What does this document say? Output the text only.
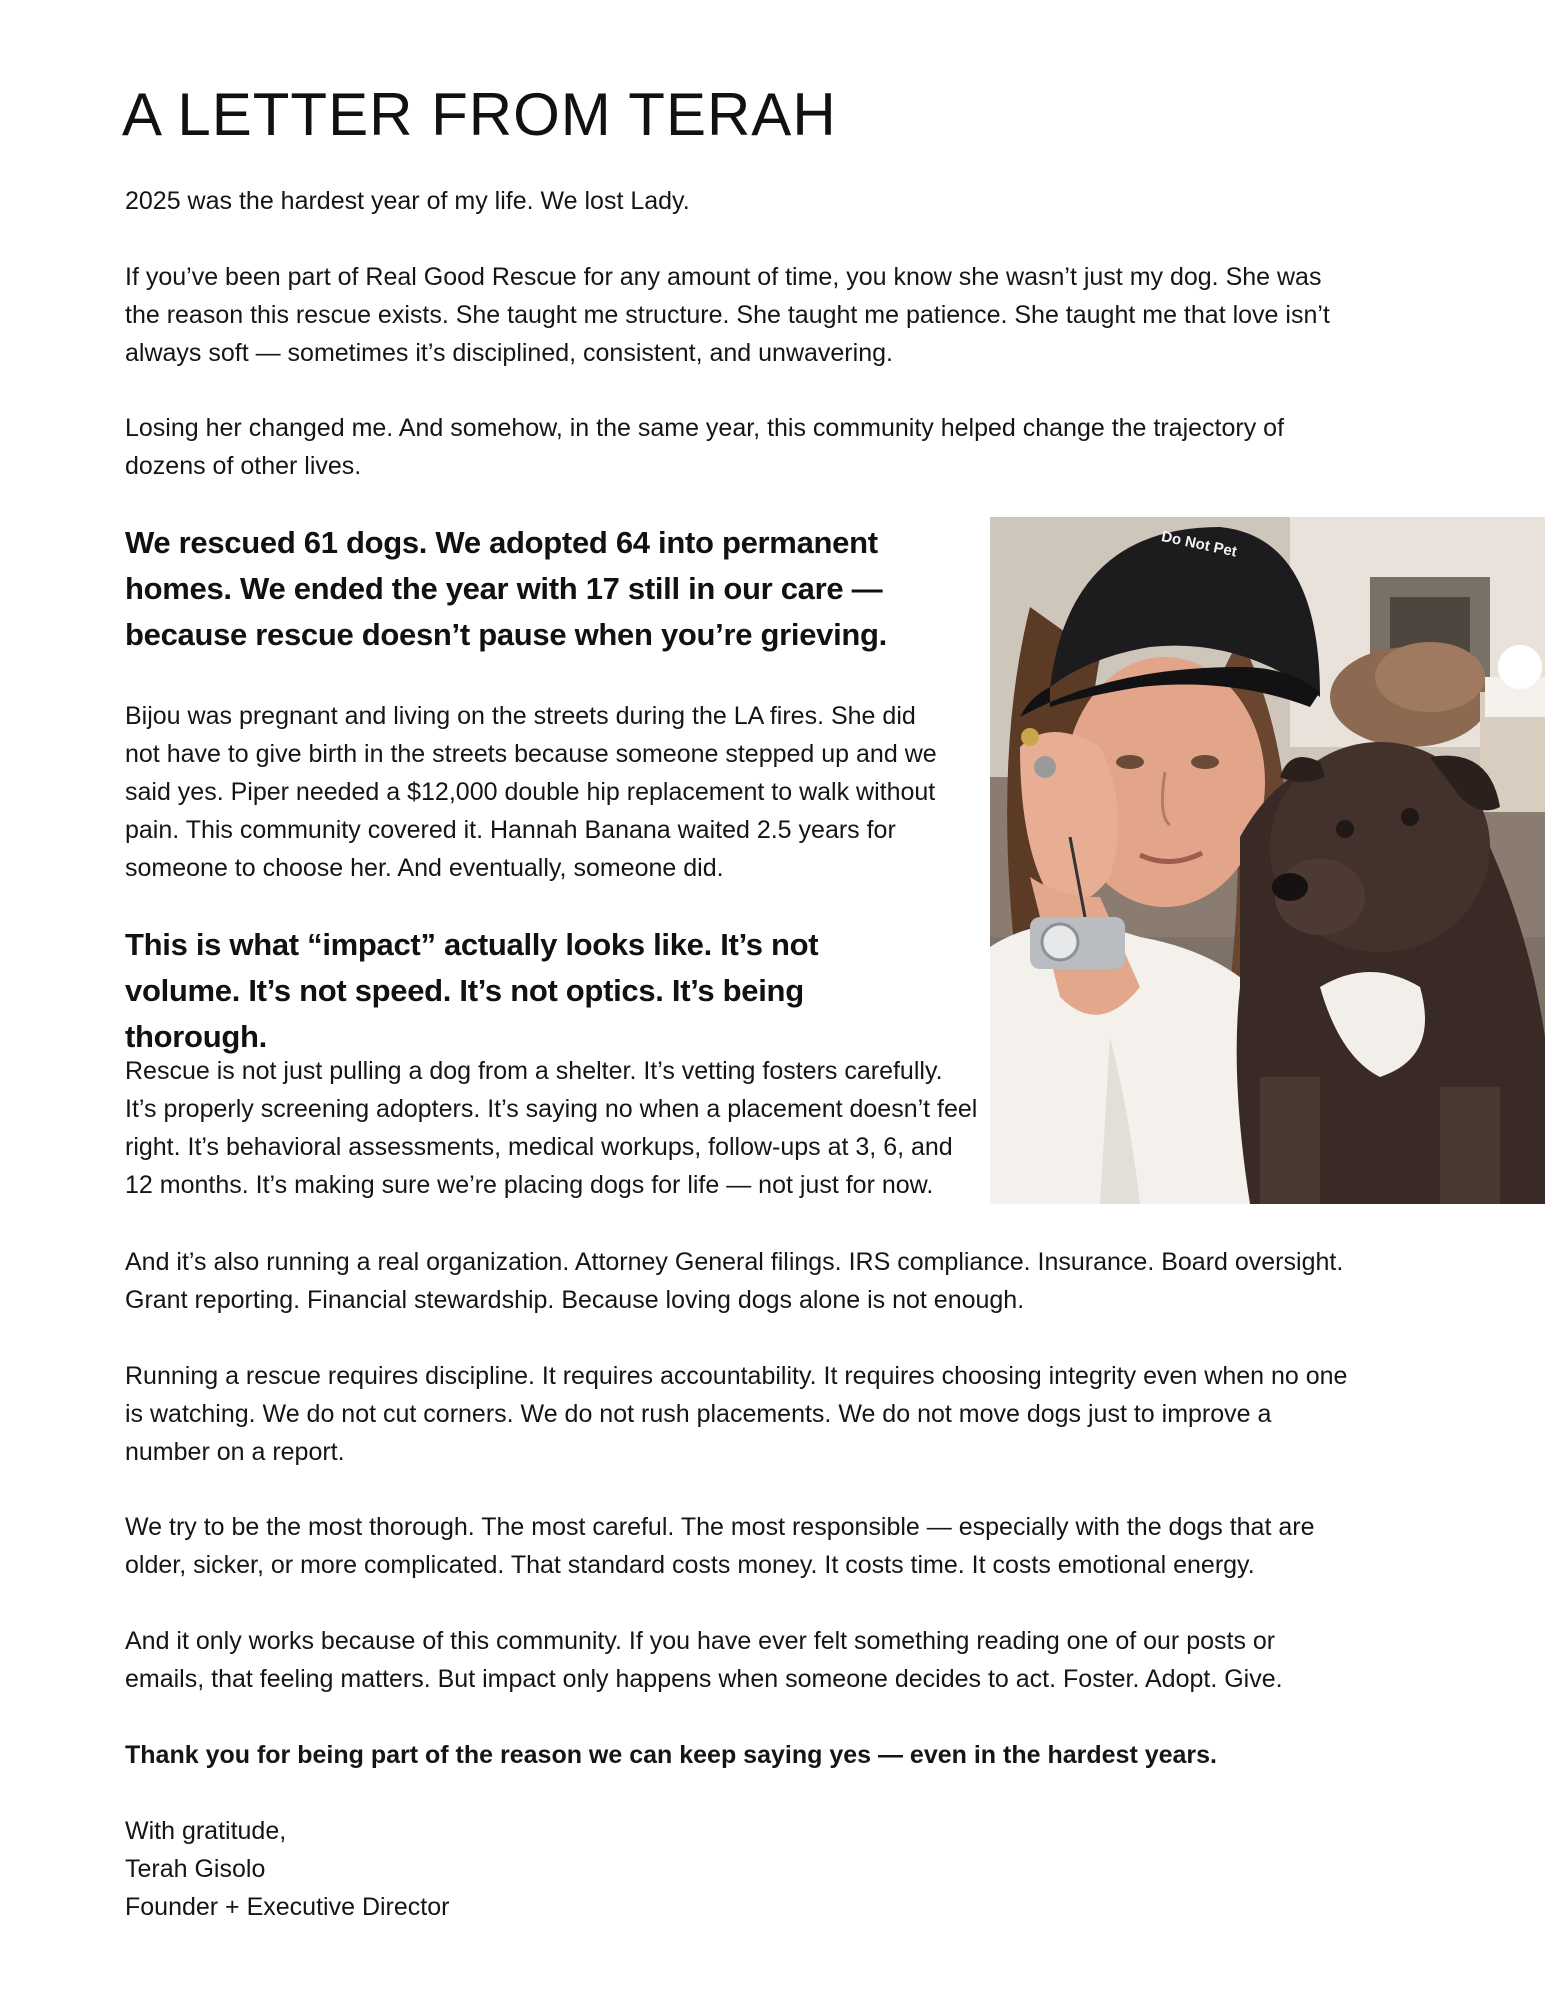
A LETTER FROM TERAH

2025 was the hardest year of my life. We lost Lady.

If you’ve been part of Real Good Rescue for any amount of time, you know she wasn’t just my dog. She was the reason this rescue exists. She taught me structure. She taught me patience. She taught me that love isn’t always soft — sometimes it’s disciplined, consistent, and unwavering.

Losing her changed me. And somehow, in the same year, this community helped change the trajectory of dozens of other lives.

We rescued 61 dogs. We adopted 64 into permanent homes. We ended the year with 17 still in our care — because rescue doesn’t pause when you’re grieving.

Bijou was pregnant and living on the streets during the LA fires. She did not have to give birth in the streets because someone stepped up and we said yes. Piper needed a $12,000 double hip replacement to walk without pain. This community covered it. Hannah Banana waited 2.5 years for someone to choose her. And eventually, someone did.

This is what “impact” actually looks like. It’s not volume. It’s not speed. It’s not optics. It’s being thorough.

Rescue is not just pulling a dog from a shelter. It’s vetting fosters carefully. It’s properly screening adopters. It’s saying no when a placement doesn’t feel right. It’s behavioral assessments, medical workups, follow-ups at 3, 6, and 12 months. It’s making sure we’re placing dogs for life — not just for now.

And it’s also running a real organization. Attorney General filings. IRS compliance. Insurance. Board oversight. Grant reporting. Financial stewardship. Because loving dogs alone is not enough.

Running a rescue requires discipline. It requires accountability. It requires choosing integrity even when no one is watching. We do not cut corners. We do not rush placements. We do not move dogs just to improve a number on a report.

We try to be the most thorough. The most careful. The most responsible — especially with the dogs that are older, sicker, or more complicated. That standard costs money. It costs time. It costs emotional energy.

And it only works because of this community. If you have ever felt something reading one of our posts or emails, that feeling matters. But impact only happens when someone decides to act. Foster. Adopt. Give.

Thank you for being part of the reason we can keep saying yes — even in the hardest years.

With gratitude,
Terah Gisolo
Founder + Executive Director
Do Not Pet
